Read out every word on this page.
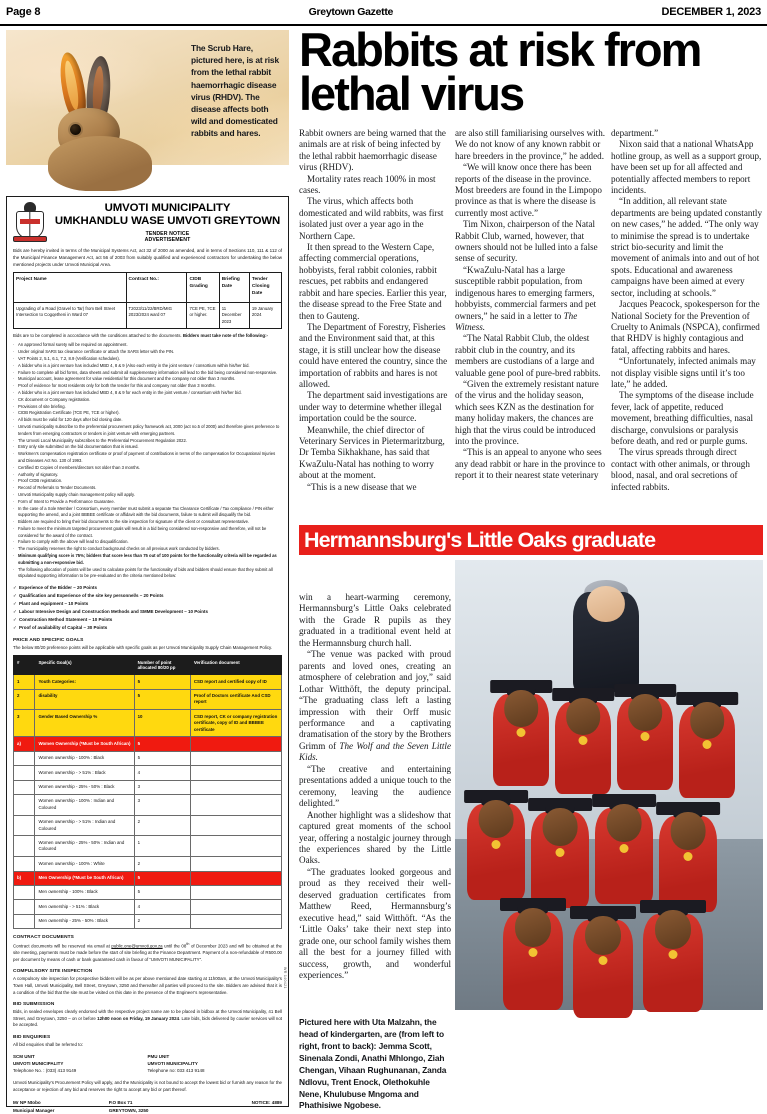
Page 8	Greytown Gazette	DECEMBER 1, 2023
The Scrub Hare, pictured here, is at risk from the lethal rabbit haemorrhagic disease virus (RHDV). The disease affects both wild and domesticated rabbits and hares.
Rabbits at risk from lethal virus

Rabbit owners are being warned that the animals are at risk of being infected by the lethal rabbit haemorrhagic disease virus (RHDV).

Mortality rates reach 100% in most cases.

The virus, which affects both domesticated and wild rabbits, was first isolated just over a year ago in the Northern Cape.

It then spread to the Western Cape, affecting commercial operations, hobbyists, feral rabbit colonies, rabbit rescues, pet rabbits and endangered rabbit and hare species. Earlier this year, the disease spread to the Free State and then to Gauteng.

The Department of Forestry, Fisheries and the Environment said that, at this stage, it is still unclear how the disease could have entered the country, since the importation of rabbits and hares is not allowed.

The department said investigations are under way to determine whether illegal importation could be the source.

Meanwhile, the chief director of Veterinary Services in Pietermaritzburg, Dr Temba Sikhakhane, has said that KwaZulu-Natal has nothing to worry about at the moment.

“This is a new disease that we

are also still familiarising ourselves with. We do not know of any known rabbit or hare breeders in the province,” he added.

“We will know once there has been reports of the disease in the province. Most breeders are found in the Limpopo province as that is where the disease is currently most active.”

Tim Nixon, chairperson of the Natal Rabbit Club, warned, however, that owners should not be lulled into a false sense of security.

“KwaZulu-Natal has a large susceptible rabbit population, from indigenous hares to emerging farmers, hobbyists, commercial farmers and pet owners,” he said in a letter to The Witness.

“The Natal Rabbit Club, the oldest rabbit club in the country, and its members are custodians of a large and valuable gene pool of pure-bred rabbits.

“Given the extremely resistant nature of the virus and the holiday season, which sees KZN as the destination for many holiday makers, the chances are high that the virus could be introduced into the province.

“This is an appeal to anyone who sees any dead rabbit or hare in the province to report it to their nearest state veterinary

department.”

Nixon said that a national WhatsApp hotline group, as well as a support group, have been set up for all affected and potentially affected members to report incidents.

“In addition, all relevant state departments are being updated constantly on new cases,” he added. “The only way to minimise the spread is to undertake strict bio-security and limit the movement of animals into and out of hot spots. Educational and awareness campaigns have been aimed at every sector, including at schools.”

Jacques Peacock, spokesperson for the National Society for the Prevention of Cruelty to Animals (NSPCA), confirmed that RHDV is highly contagious and fatal, affecting rabbits and hares.

“Unfortunately, infected animals may not display visible signs until it’s too late,” he added.

The symptoms of the disease include fever, lack of appetite, reduced movement, breathing difficulties, nasal discharge, convulsions or paralysis before death, and red or purple gums.

The virus spreads through direct contact with other animals, or through blood, nasal, and oral secretions of infected rabbits.

Hermannsburg's Little Oaks graduate

win a heart-warming ceremony, Hermannsburg’s Little Oaks celebrated with the Grade R pupils as they graduated in a traditional event held at the Hermannsburg church hall.

“The venue was packed with proud parents and loved ones, creating an atmosphere of celebration and joy,” said Lothar Witthöft, the deputy principal. “The graduating class left a lasting impression with their Orff music performance and a captivating dramatisation of the story by the Brothers Grimm of The Wolf and the Seven Little Kids.

“The creative and entertaining presentations added a unique touch to the ceremony, leaving the audience delighted.”

Another highlight was a slideshow that captured great moments of the school year, offering a nostalgic journey through the experiences shared by the Little Oaks.

“The graduates looked gorgeous and proud as they received their well-deserved graduation certificates from Matthew Reed, Hermannsburg’s executive head,” said Witthöft. “As the ‘Little Oaks’ take their next step into grade one, our school family wishes them all the best for a journey filled with success, growth, and wonderful experiences.”

Pictured here with Uta Malzahn, the head of kindergarten, are (from left to right, front to back): Jemma Scott, Sinenala Zondi, Anathi Mhlongo, Ziah Chengan, Vihaan Rughunanan, Zanda Ndlovu, Trent Enock, Olethokuhle Nene, Khulubuse Mngoma and Phathisiwe Ngobese.
UMVOTI MUNICIPALITY
UMKHANDLU WASE UMVOTI GREYTOWN
TENDER NOTICE
ADVERTISEMENT
Bids are hereby invited in terms of the Municipal Systems Act, act 32 of 2000 as amended, and in terms of Sections 110, 111 & 112 of the Municipal Finance Management Act, act 56 of 2003 from suitably qualified and experienced contractors for undertaking the below mentioned projects under Umvoti Municipal Area.
Project Name	Contract No.:	CIDB Grading	Briefing Date	Tender Closing Date
Upgrading of a Road (Gravel to Tar) from Bell Street Intersection to Cogqetheni in Ward 07	T2023/11/22/BRD/MIG 2023/2024 ward 07	7CE PE, 7CE or higher.	11 December 2023	19 January 2024
Bids are to be completed in accordance with the conditions attached to the documents. Bidders must take note of the following:-
· An approved formal surety will be required on appointment.
· Under original SARS tax clearance certificate or attach the SARS letter with the PIN.
· VAT Points 2, 5.1, 6.1, 7.2, 8.9 (Verification schedules).
· A bidder who is a joint venture has included MBD 4, 8 & 9 (Also each entity in the joint venture / consortium within his/her bid.
· Failure to complete all bid forms, data sheets and submit all supplementary information will lead to the bid being considered non-responsive.
· Municipal account, lease agreement for value residential for this document and the company not older than 3 months.
· Proof of evidence for most residents only for both the tender for this and company not older than 3 months.
· A bidder who is a joint venture has included MBD 4, 8 & 9 for each entity in the joint venture / consortium with his/her bid.
· CK document or Company registration.
· Provisions of site briefing.
· CIDB Registration Certificate (7CE PE, 7CE or higher).
· All bids must be valid for 120 days after bid closing date.
· Umvoti municipality subscribe to the preferential procurement policy framework act, 2000 (act no.5 of 2000) and therefore gives preference to tenders from emerging contractors or tenders in joint venture with emerging partners.
· The Umvoti Local Municipality subscribes to the Preferential Procurement Regulation 2022.
· Entry only site submitted on the bid documentation that is issued.
· Workmen's compensation registration certificate or proof of payment of contributions in terms of the compensation for Occupational Injuries and Diseases Act No. 130 of 1993.
· Certified ID Copies of members/directors not older than 3 months.
· Authority of signatory.
· Proof CIDB registration.
· Record of Referrals to Tender Documents.
· Umvoti Municipality supply chain management policy will apply.
· Form of Intent to Provide a Performance Guarantee.
· In the case of a Sole Member / Consortium, every member must submit a separate Tax Clearance Certificate / Tax compliance / PIN either supporting the amend, and a joint BBBEE certificate or affidavit with the bid documents, failure to submit will disqualify the bid.
· Bidders are required to bring their bid documents to the site inspection for signature of the client or consultant representative.
· Failure to meet the minimum targeted procurement goals will result in a bid being considered non-responsive and therefore, will not be considered for the award of the contract.
· Failure to comply with the above will lead to disqualification.
· The municipality reserves the right to conduct background checks on all previous work conducted by bidders.
· Minimum qualifying score is 75%; bidders that score less than 75 out of 100 points for the functionality criteria will be regarded as submitting a non-responsive bid.
· The following allocation of points will be used to calculate points for the functionality of bids and bidders should ensure that they submit all stipulated supporting information to be pre-evaluated on the criteria mentioned below:
✓ Experience of the Bidder – 20 Points
✓ Qualification and Experience of the site key personnel/s – 20 Points
✓ Plant and equipment – 10 Points
✓ Labour Intensive Design and Construction Methods and SMME Development – 10 Points
✓ Construction Method Statement – 10 Points
✓ Proof of availability of Capital – 30 Points
PRICE AND SPECIFIC GOALS
The below 80/20 preference points will be applicable with specific goals as per Umvoti Municipality Supply Chain Management Policy.
#	Specific Goal(s)	Number of point allocated 80/20 pp	Verification document
1	Youth Categories:	5	CSD report and certified copy of ID
2	disability	5	Proof of Doctors certificate And CSD report
3	Gender Based Ownership %	10	CSD report, CK or company registration certificate, copy of ID and BBBEE certificate
a)	Women Ownership (*Must be South African)	5	
	Women ownership - 100% : Black	5	
	Women ownership - > 51% : Black	4	
	Women ownership - 25% - 50% : Black	3	
	Women ownership - 100% : Indian and Coloured	3	
	Women ownership - > 51% : Indian and Coloured	2	
	Women ownership - 25% - 50% : Indian and Coloured	1	
	Women ownership - 100% : White	2	
b)	Men Ownership (*Must be South African)	5	
	Men ownership - 100% : Black	5	
	Men ownership - > 51% : Black	4	
	Men ownership - 25% - 50% : Black	2	
CONTRACT DOCUMENTS
Contract documents will be reserved via email at public.one@umvoti.gov.za until the 08th of December 2023 and will be obtained at the site meeting, payments must be made before the start of site briefing at the Finance Department. Payment of a non-refundable of R500.00 per document by means of cash or bank guaranteed cash in favour of “UMVOTI MUNICIPALITY”.
COMPULSORY SITE INSPECTION
A compulsory site inspection for prospective bidders will be as per above mentioned date starting at 11h00am, at the Umvoti Municipality’s Town Hall, Umvoti Municipality, Bell Street, Greytown, 3250 and thereafter all parties will proceed to the site. Bidders are advised that it is a condition of the bid that the site must be visited on this date in the presence of the Engineer’s representative.
BID SUBMISSION
Bids, in sealed envelopes clearly endorsed with the respective project name are to be placed in bidbox at the Umvoti Municipality, 41 Bell Street, and Greytown, 3250 – on or before 12h00 noon on Friday, 19 January 2024. Late bids, bids delivered by courier services will not be accepted.
BID ENQUIRIES
All bid enquiries shall be referred to:
SCM UNIT
UMVOTI MUNICIPALITY
Telephone No. : (033) 413 9149
PMU UNIT
UMVOTI MUNICIPALITY
Telephone no: 033 413 9148
Umvoti Municipality’s Procurement Policy will apply, and the Municipality is not bound to accept the lowest bid or furnish any reason for the acceptance or rejection of any bid and reserves the right to accept any bid or part thereof.
Mr NP Ntobo
Municipal Manager
P.O Box 71
GREYTOWN, 3250
NOTICE: 4889
WR 140421
